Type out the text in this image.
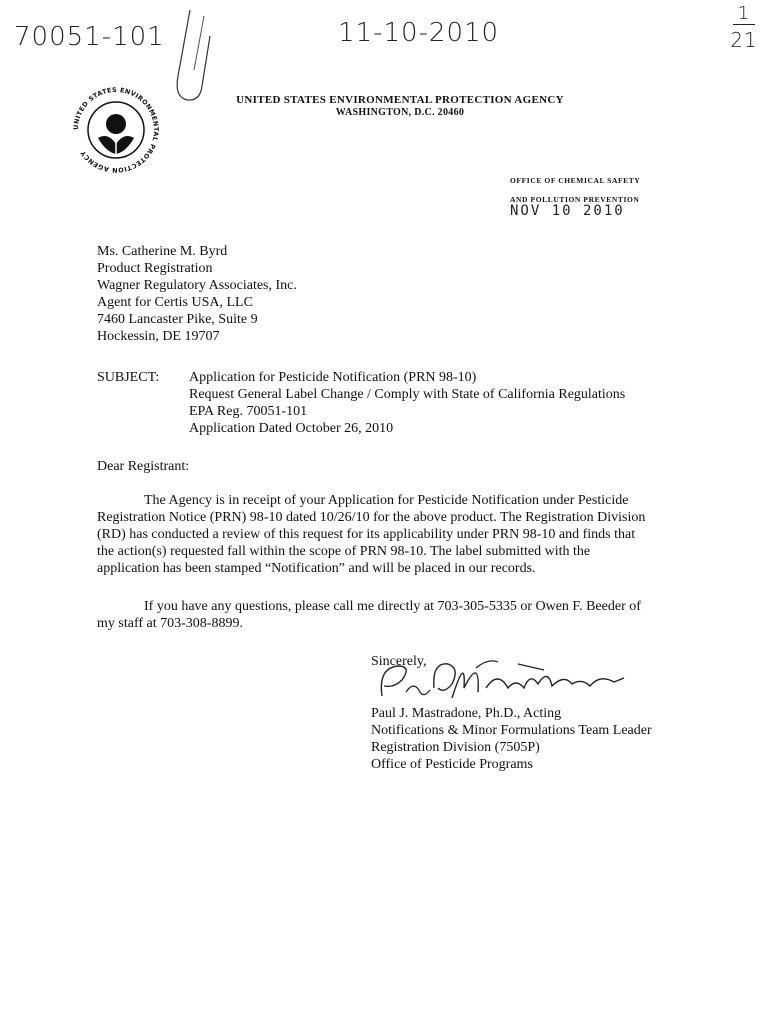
70051-101	11-10-2010
1
21
UNITED STATES ENVIRONMENTAL PROTECTION AGENCY
UNITED STATES ENVIRONMENTAL PROTECTION AGENCY
WASHINGTON, D.C. 20460
OFFICE OF CHEMICAL SAFETY
AND POLLUTION PREVENTION
NOV 10 2010
Ms. Catherine M. Byrd
Product Registration
Wagner Regulatory Associates, Inc.
Agent for Certis USA, LLC
7460 Lancaster Pike, Suite 9
Hockessin, DE 19707
SUBJECT: Application for Pesticide Notification (PRN 98-10)
Request General Label Change / Comply with State of California Regulations
EPA Reg. 70051-101
Application Dated October 26, 2010
Dear Registrant:
The Agency is in receipt of your Application for Pesticide Notification under Pesticide
Registration Notice (PRN) 98-10 dated 10/26/10 for the above product. The Registration Division
(RD) has conducted a review of this request for its applicability under PRN 98-10 and finds that
the action(s) requested fall within the scope of PRN 98-10. The label submitted with the
application has been stamped “Notification” and will be placed in our records.
If you have any questions, please call me directly at 703-305-5335 or Owen F. Beeder of
my staff at 703-308-8899.
Sincerely,
Paul J. Mastradone, Ph.D., Acting
Notifications & Minor Formulations Team Leader
Registration Division (7505P)
Office of Pesticide Programs
